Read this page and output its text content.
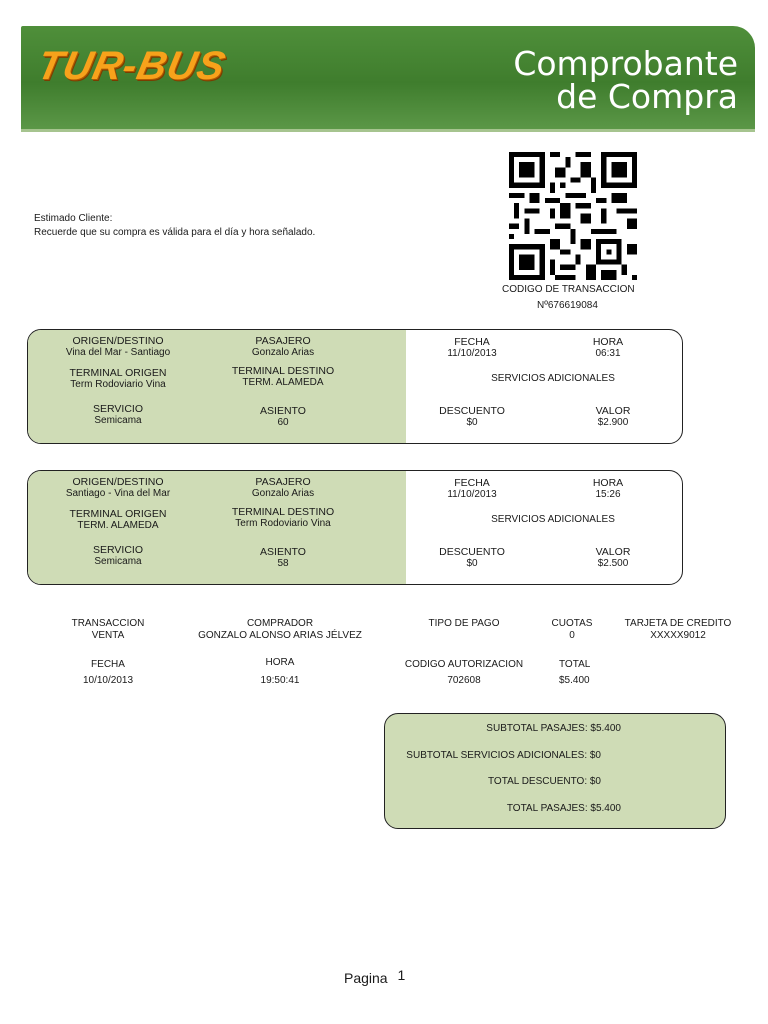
TUR-BUS	Comprobante
de Compra
Estimado Cliente:
Recuerde que su compra es válida para el día y hora señalado.
CODIGO DE TRANSACCION
Nº676619084
ORIGEN/DESTINO
Vina del Mar - Santiago
PASAJERO
Gonzalo Arias
TERMINAL ORIGEN
Term Rodoviario Vina
TERMINAL DESTINO
TERM. ALAMEDA
SERVICIO
Semicama
ASIENTO
60
FECHA
11/10/2013
HORA
06:31
SERVICIOS ADICIONALES
DESCUENTO
$0
VALOR
$2.900
ORIGEN/DESTINO
Santiago - Vina del Mar
PASAJERO
Gonzalo Arias
TERMINAL ORIGEN
TERM. ALAMEDA
TERMINAL DESTINO
Term Rodoviario Vina
SERVICIO
Semicama
ASIENTO
58
FECHA
11/10/2013
HORA
15:26
SERVICIOS ADICIONALES
DESCUENTO
$0
VALOR
$2.500
TRANSACCION
VENTA
COMPRADOR
GONZALO ALONSO ARIAS JÉLVEZ
TIPO DE PAGO	CUOTAS
0
TARJETA DE CREDITO
XXXXX9012
FECHA
10/10/2013
HORA
19:50:41
CODIGO AUTORIZACION
702608
TOTAL
$5.400
SUBTOTAL PASAJES: $5.400
SUBTOTAL SERVICIOS ADICIONALES: $0
TOTAL DESCUENTO: $0
TOTAL PASAJES: $5.400
Pagina 1
